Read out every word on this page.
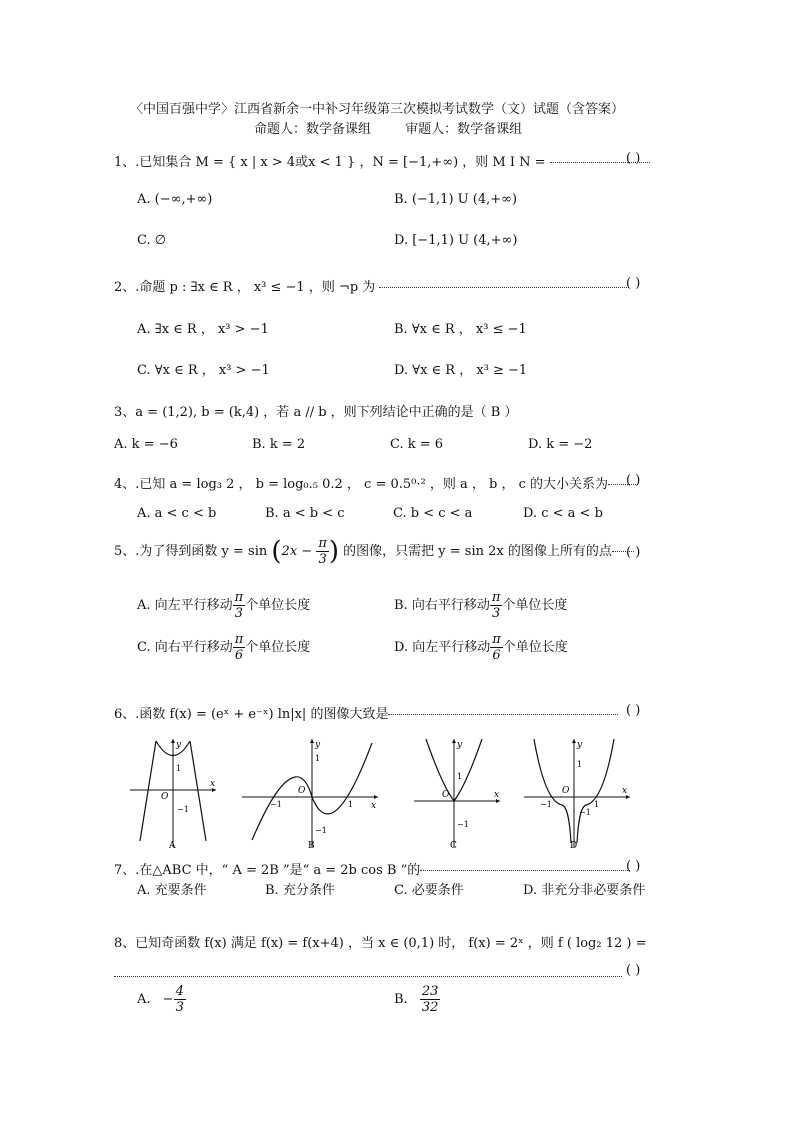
〈中国百强中学〉江西省新余一中补习年级第三次模拟考试数学（文）试题（含答案）
命题人：数学备课组	审题人：数学备课组
1、.已知集合 M = { x | x > 4或x < 1 } ，N = [−1,+∞) ，则 M I N =	( )
A. (−∞,+∞)	B. (−1,1) U (4,+∞)
C. ∅	D. [−1,1) U (4,+∞)
2、.命题 p : ∃x ∈ R ， x³ ≤ −1 ，则 ¬p 为	( )
A. ∃x ∈ R ， x³ > −1	B. ∀x ∈ R ， x³ ≤ −1
C. ∀x ∈ R ， x³ > −1	D. ∀x ∈ R ， x³ ≥ −1
3、a = (1,2), b = (k,4) ，若 a // b ，则下列结论中正确的是（ B ）
A. k = −6	B. k = 2	C. k = 6	D. k = −2
4、.已知 a = log₃ 2 ， b = log₀.₅ 0.2 ， c = 0.5⁰·² ，则 a ， b ， c 的大小关系为	( )
A. a < c < b	B. a < b < c	C. b < c < a	D. c < a < b
5、.为了得到函数 $y = \sin (2x - \frac{\pi}{3}$ ) 的图像，只需把 y = sin 2x 的图像上所有的点	( )
A. 向左平行移动 $\frac{\pi}{3}$ 个单位长度	B. 向右平行移动 $\frac{\pi}{3}$ 个单位长度
C. 向右平行移动 $\frac{\pi}{6}$ 个单位长度	D. 向左平行移动 $\frac{\pi}{6}$ 个单位长度
6、.函数 f(x) = (eˣ + e⁻ˣ) ln|x| 的图像大致是	( )
y
x
O
1
−1
A
y
x
O
1
−1
−1	1
B
y
x
O
1
−1
C
y
x
O
1
−1
−1	1
D
7、.在△ABC 中，“ A = 2B ”是“ a = 2b cos B ”的	( )
A. 充要条件	B. 充分条件	C. 必要条件	D. 非充分非必要条件
8、已知奇函数 f(x) 满足 f(x) = f(x+4) ，当 x ∈ (0,1) 时， f(x) = 2ˣ ，则 f ( log₂ 12 ) =
( )
A. − $\frac{4}{3}$	B. $\frac{23}{32}$
